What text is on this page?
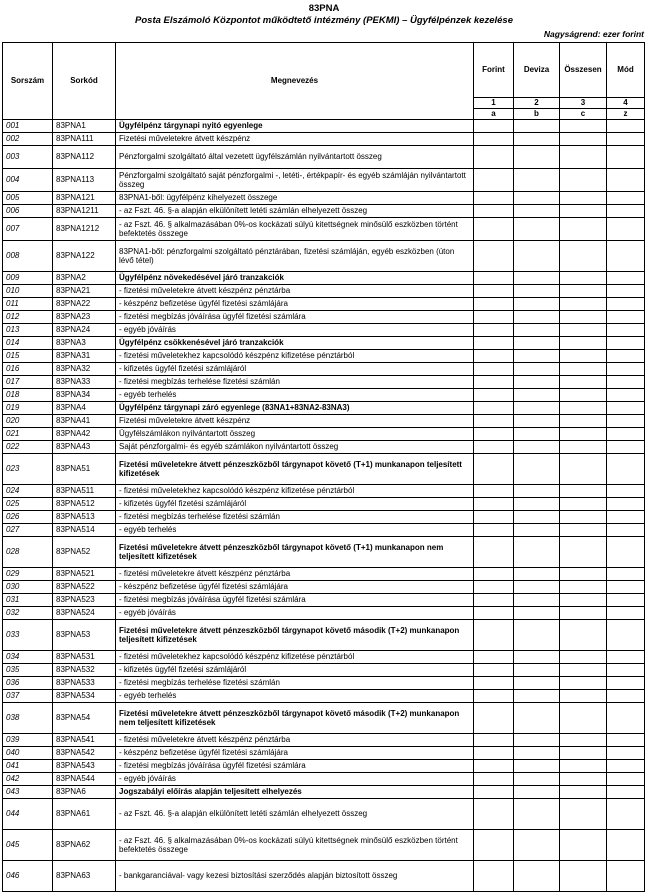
83PNA
Posta Elszámoló Központot működtető intézmény (PEKMI) – Ügyfélpénzek kezelése
Nagyságrend: ezer forint
Sorszám	Sorkód	Megnevezés	Forint	Deviza	Összesen	Mód
			1	2	3	4
			a	b	c	z
001	83PNA1	Ügyfélpénz tárgynapi nyitó egyenlege				
002	83PNA111	Fizetési műveletekre átvett készpénz				
003	83PNA112	Pénzforgalmi szolgáltató által vezetett ügyfélszámlán nyilvántartott összeg				
004	83PNA113	Pénzforgalmi szolgáltató saját pénzforgalmi -, letéti-, értékpapír- és egyéb számláján nyilvántartott összeg				
005	83PNA121	83PNA1-ből: ügyfélpénz kihelyezett összege				
006	83PNA1211	- az Fszt. 46. §-a alapján elkülönített letéti számlán elhelyezett összeg				
007	83PNA1212	- az Fszt. 46. § alkalmazásában 0%-os kockázati súlyú kitettségnek minősülő eszközben történt befektetés összege				
008	83PNA122	83PNA1-ből: pénzforgalmi szolgáltató pénztárában, fizetési számláján, egyéb eszközben (úton lévő tétel)				
009	83PNA2	Ügyfélpénz növekedésével járó tranzakciók				
010	83PNA21	- fizetési műveletekre átvett készpénz pénztárba				
011	83PNA22	- készpénz befizetése ügyfél fizetési számlájára				
012	83PNA23	- fizetési megbízás jóváírása ügyfél fizetési számlára				
013	83PNA24	- egyéb jóváírás				
014	83PNA3	Ügyfélpénz csökkenésével járó tranzakciók				
015	83PNA31	- fizetési műveletekhez kapcsolódó készpénz kifizetése pénztárból				
016	83PNA32	- kifizetés ügyfél fizetési számlájáról				
017	83PNA33	- fizetési megbízás terhelése fizetési számlán				
018	83PNA34	- egyéb terhelés				
019	83PNA4	Ügyfélpénz tárgynapi záró egyenlege (83NA1+83NA2-83NA3)				
020	83PNA41	Fizetési műveletekre átvett készpénz				
021	83PNA42	Ügyfélszámlákon nyilvántartott összeg				
022	83PNA43	Saját pénzforgalmi- és egyéb számlákon nyilvántartott összeg				
023	83PNA51	Fizetési műveletekre átvett pénzeszközből tárgynapot követő (T+1) munkanapon teljesített kifizetések				
024	83PNA511	- fizetési műveletekhez kapcsolódó készpénz kifizetése pénztárból				
025	83PNA512	- kifizetés ügyfél fizetési számlájáról				
026	83PNA513	- fizetési megbízás terhelése fizetési számlán				
027	83PNA514	- egyéb terhelés				
028	83PNA52	Fizetési műveletekre átvett pénzeszközből tárgynapot követő (T+1) munkanapon nem teljesített kifizetések				
029	83PNA521	- fizetési műveletekre átvett készpénz pénztárba				
030	83PNA522	- készpénz befizetése ügyfél fizetési számlájára				
031	83PNA523	- fizetési megbízás jóváírása ügyfél fizetési számlára				
032	83PNA524	- egyéb jóváírás				
033	83PNA53	Fizetési műveletekre átvett pénzeszközből tárgynapot követő második (T+2) munkanapon teljesített kifizetések				
034	83PNA531	- fizetési műveletekhez kapcsolódó készpénz kifizetése pénztárból				
035	83PNA532	- kifizetés ügyfél fizetési számlájáról				
036	83PNA533	- fizetési megbízás terhelése fizetési számlán				
037	83PNA534	- egyéb terhelés				
038	83PNA54	Fizetési műveletekre átvett pénzeszközből tárgynapot követő második (T+2) munkanapon nem teljesített kifizetések				
039	83PNA541	- fizetési műveletekre átvett készpénz pénztárba				
040	83PNA542	- készpénz befizetése ügyfél fizetési számlájára				
041	83PNA543	- fizetési megbízás jóváírása ügyfél fizetési számlára				
042	83PNA544	- egyéb jóváírás				
043	83PNA6	Jogszabályi előírás alapján teljesített elhelyezés				
044	83PNA61	- az Fszt. 46. §-a alapján elkülönített letéti számlán elhelyezett összeg				
045	83PNA62	- az Fszt. 46. § alkalmazásában 0%-os kockázati súlyú kitettségnek minősülő eszközben történt befektetés összege				
046	83PNA63	- bankgaranciával- vagy kezesi biztosítási szerződés alapján biztosított összeg				
